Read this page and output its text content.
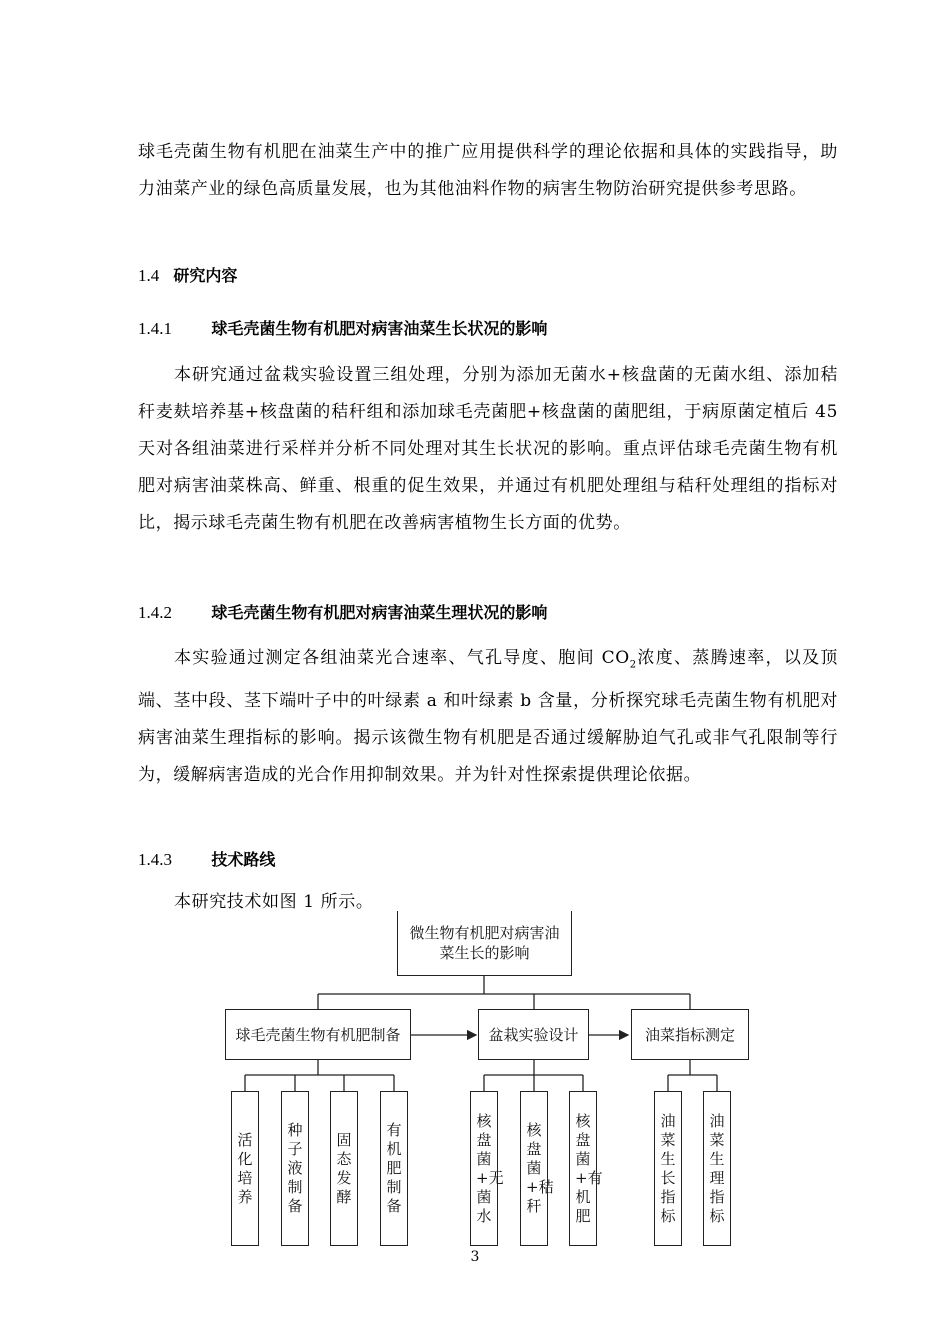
球毛壳菌生物有机肥在油菜生产中的推广应用提供科学的理论依据和具体的实践指导，助力油菜产业的绿色高质量发展，也为其他油料作物的病害生物防治研究提供参考思路。

1.4 研究内容
1.4.1 球毛壳菌生物有机肥对病害油菜生长状况的影响

本研究通过盆栽实验设置三组处理，分别为添加无菌水+核盘菌的无菌水组、添加秸秆麦麸培养基+核盘菌的秸秆组和添加球毛壳菌肥+核盘菌的菌肥组，于病原菌定植后 45 天对各组油菜进行采样并分析不同处理对其生长状况的影响。重点评估球毛壳菌生物有机肥对病害油菜株高、鲜重、根重的促生效果，并通过有机肥处理组与秸秆处理组的指标对比，揭示球毛壳菌生物有机肥在改善病害植物生长方面的优势。

1.4.2 球毛壳菌生物有机肥对病害油菜生理状况的影响

本实验通过测定各组油菜光合速率、气孔导度、胞间 $CO_2$浓度、蒸腾速率，以及顶端、茎中段、茎下端叶子中的叶绿素 a 和叶绿素 b 含量，分析探究球毛壳菌生物有机肥对病害油菜生理指标的影响。揭示该微生物有机肥是否通过缓解胁迫气孔或非气孔限制等行为，缓解病害造成的光合作用抑制效果。并为针对性探索提供理论依据。

1.4.3 技术路线

本研究技术如图 1 所示。

微生物有机肥对病害油菜生长的影响
球毛壳菌生物有机肥制备	盆栽实验设计	油菜指标测定
活化培养
种子液制备
固态发酵
有机肥制备
核盘菌+无菌水
核盘菌+秸秆
核盘菌+有机肥
油菜生长指标
油菜生理指标
3
